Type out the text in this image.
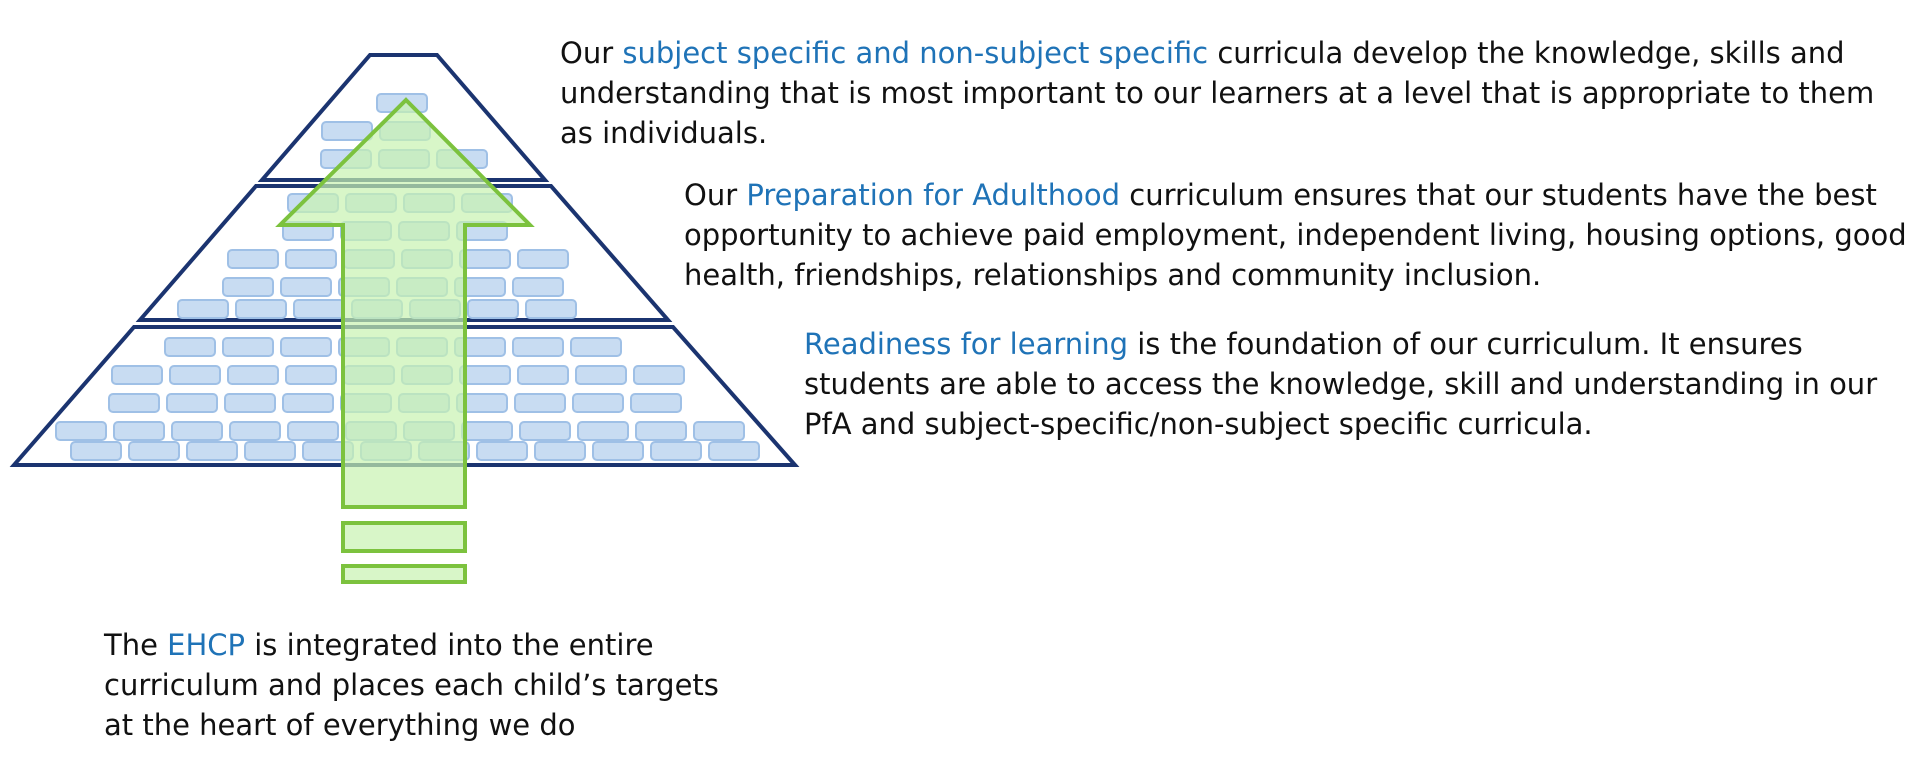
Our subject specific and non-subject specific curricula develop the knowledge, skills and understanding that is most important to our learners at a level that is appropriate to them as individuals.

Our Preparation for Adulthood curriculum ensures that our students have the best opportunity to achieve paid employment, independent living, housing options, good health, friendships, relationships and community inclusion.

Readiness for learning is the foundation of our curriculum. It ensures students are able to access the knowledge, skill and understanding in our PfA and subject-specific/non-subject specific curricula.

The EHCP is integrated into the entire curriculum and places each child’s targets at the heart of everything we do
